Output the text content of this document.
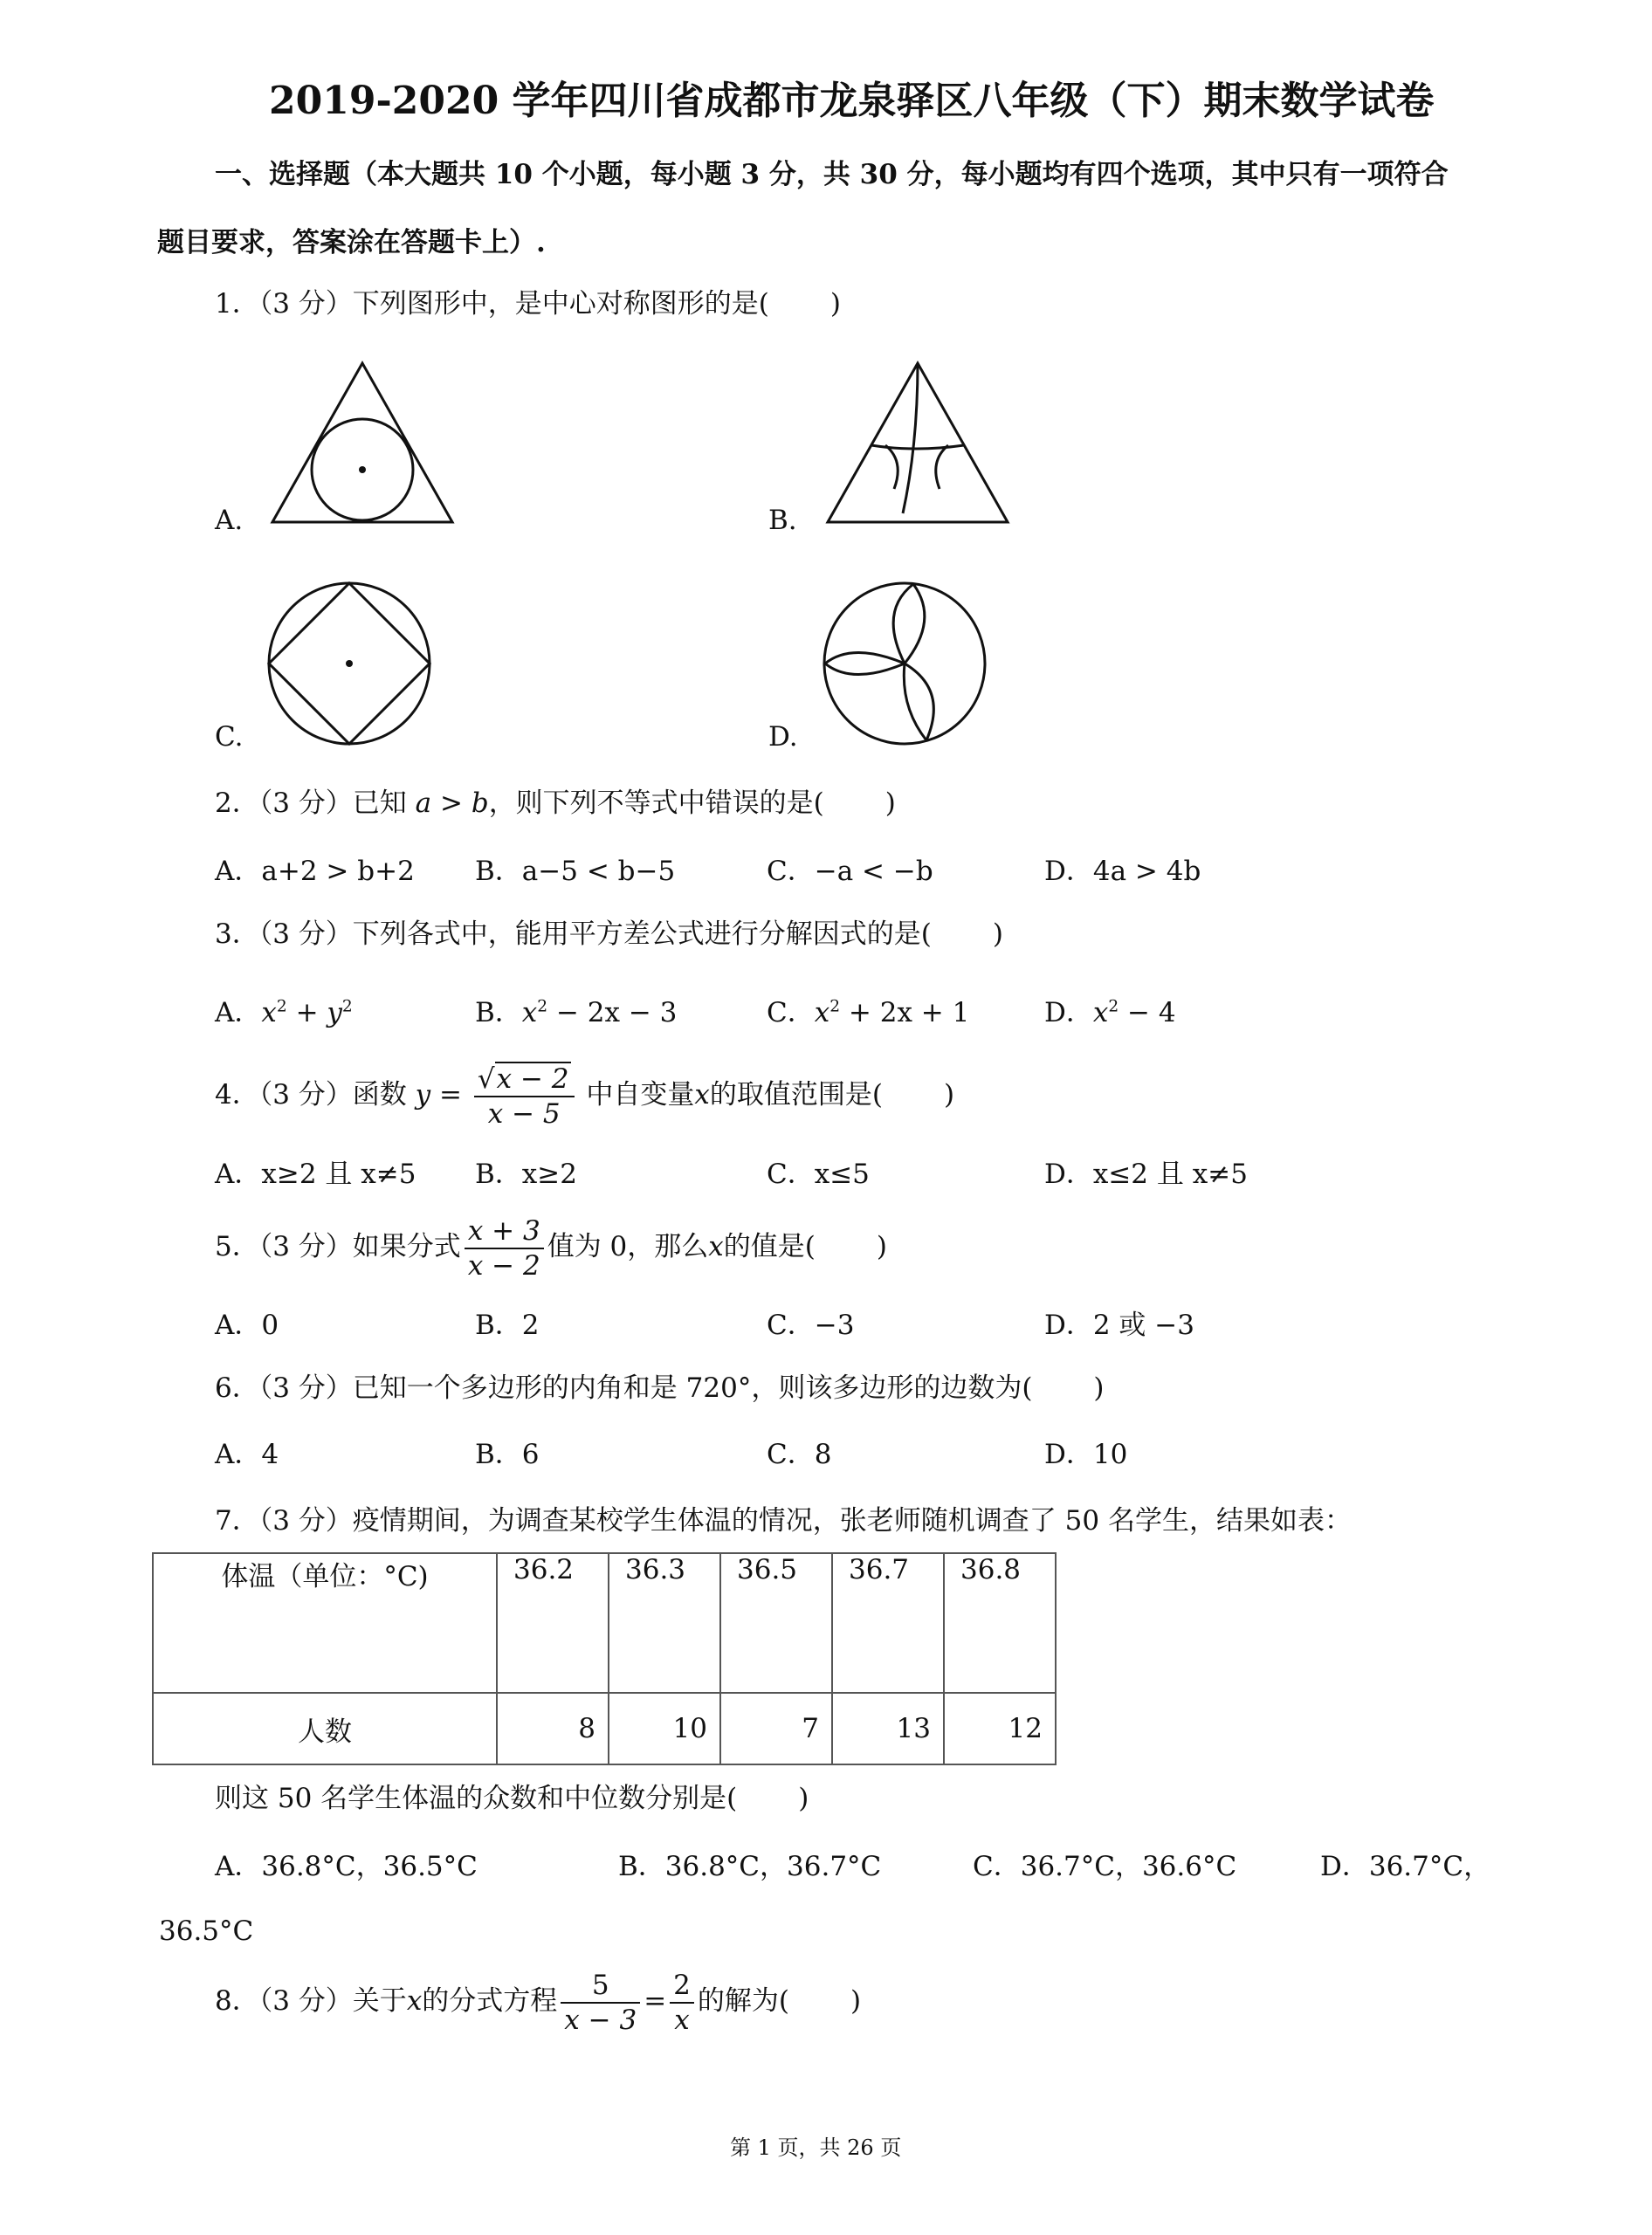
2019-2020 学年四川省成都市龙泉驿区八年级（下）期末数学试卷
一、选择题（本大题共 10 个小题，每小题 3 分，共 30 分，每小题均有四个选项，其中只有一项符合
题目要求，答案涂在答题卡上）.
1．（3 分）下列图形中，是中心对称图形的是( )
A.	B.
C.	D.
2．（3 分）已知 a > b，则下列不等式中错误的是( )
A．a+2 > b+2 B．a−5 < b−5	C．−a < −b	D．4a > 4b
3．（3 分）下列各式中，能用平方差公式进行分解因式的是( )
A．$x^2 + y^2$	B．$x^2 - 2x - 3$	C．$x^2 + 2x + 1$	D．$x^2 - 4$
4．（3 分）函数 $y = \frac{√x - 2}{x - 5}$ 中自变量x的取值范围是( )
A．x≥2 且 x≠5 B．x≥2	C．x≤5	D．x≤2 且 x≠5
5．（3 分）如果分式 $\frac{x + 3}{x - 2}$ 值为 0，那么x的值是( )
A．0	B．2	C．−3	D．2 或 −3
6．（3 分）已知一个多边形的内角和是 720°，则该多边形的边数为( )
A．4	B．6	C．8	D．10
7．（3 分）疫情期间，为调查某校学生体温的情况，张老师随机调查了 50 名学生，结果如表：
体温（单位：°C)	36.2	36.3	36.5	36.7	36.8
人数	8	10	7	13	12
则这 50 名学生体温的众数和中位数分别是( )
A．36.8°C，36.5°C	B．36.8°C，36.7°C	C．36.7°C，36.6°C	D．36.7°C，
36.5°C
8．（3 分）关于x的分式方程 $\frac{5}{x - 3} = \frac{2}{x}$ 的解为( )
第 1 页，共 26 页
